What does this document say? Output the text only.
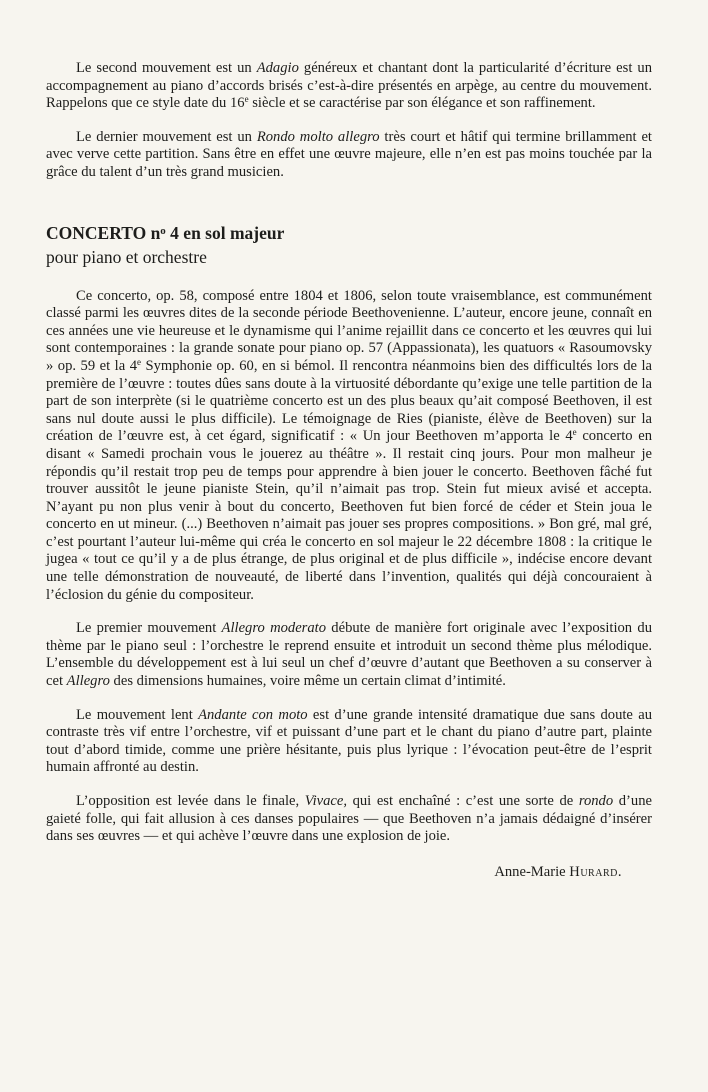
Le second mouvement est un Adagio généreux et chantant dont la particularité d’écriture est un accompagnement au piano d’accords brisés c’est-à-dire présentés en arpège, au centre du mouvement. Rappelons que ce style date du 16e siècle et se caractérise par son élégance et son raffinement.

Le dernier mouvement est un Rondo molto allegro très court et hâtif qui termine brillamment et avec verve cette partition. Sans être en effet une œuvre majeure, elle n’en est pas moins touchée par la grâce du talent d’un très grand musicien.

CONCERTO $n^o$ 4 en sol majeur
pour piano et orchestre

Ce concerto, op. 58, composé entre 1804 et 1806, selon toute vraisemblance, est communément classé parmi les œuvres dites de la seconde période Beethovenienne. L’auteur, encore jeune, connaît en ces années une vie heureuse et le dynamisme qui l’anime rejaillit dans ce concerto et les œuvres qui lui sont contemporaines : la grande sonate pour piano op. 57 (Appassionata), les quatuors « Rasoumovsky » op. 59 et la 4e Symphonie op. 60, en si bémol. Il rencontra néanmoins bien des difficultés lors de la première de l’œuvre : toutes dûes sans doute à la virtuosité débordante qu’exige une telle partition de la part de son interprète (si le quatrième concerto est un des plus beaux qu’ait composé Beethoven, il est sans nul doute aussi le plus difficile). Le témoignage de Ries (pianiste, élève de Beethoven) sur la création de l’œuvre est, à cet égard, significatif : « Un jour Beethoven m’apporta le 4e concerto en disant « Samedi prochain vous le jouerez au théâtre ». Il restait cinq jours. Pour mon malheur je répondis qu’il restait trop peu de temps pour apprendre à bien jouer le concerto. Beethoven fâché fut trouver aussitôt le jeune pianiste Stein, qu’il n’aimait pas trop. Stein fut mieux avisé et accepta. N’ayant pu non plus venir à bout du concerto, Beethoven fut bien forcé de céder et Stein joua le concerto en ut mineur. (...) Beethoven n’aimait pas jouer ses propres compositions. » Bon gré, mal gré, c’est pourtant l’auteur lui-même qui créa le concerto en sol majeur le 22 décembre 1808 : la critique le jugea « tout ce qu’il y a de plus étrange, de plus original et de plus difficile », indécise encore devant une telle démonstration de nouveauté, de liberté dans l’invention, qualités qui déjà concouraient à l’éclosion du génie du compositeur.

Le premier mouvement Allegro moderato débute de manière fort originale avec l’exposition du thème par le piano seul : l’orchestre le reprend ensuite et introduit un second thème plus mélodique. L’ensemble du développement est à lui seul un chef d’œuvre d’autant que Beethoven a su conserver à cet Allegro des dimensions humaines, voire même un certain climat d’intimité.

Le mouvement lent Andante con moto est d’une grande intensité dramatique due sans doute au contraste très vif entre l’orchestre, vif et puissant d’une part et le chant du piano d’autre part, plainte tout d’abord timide, comme une prière hésitante, puis plus lyrique : l’évocation peut-être de l’esprit humain affronté au destin.

L’opposition est levée dans le finale, Vivace, qui est enchaîné : c’est une sorte de rondo d’une gaieté folle, qui fait allusion à ces danses populaires — que Beethoven n’a jamais dédaigné d’insérer dans ses œuvres — et qui achève l’œuvre dans une explosion de joie.

Anne-Marie Hurard.
